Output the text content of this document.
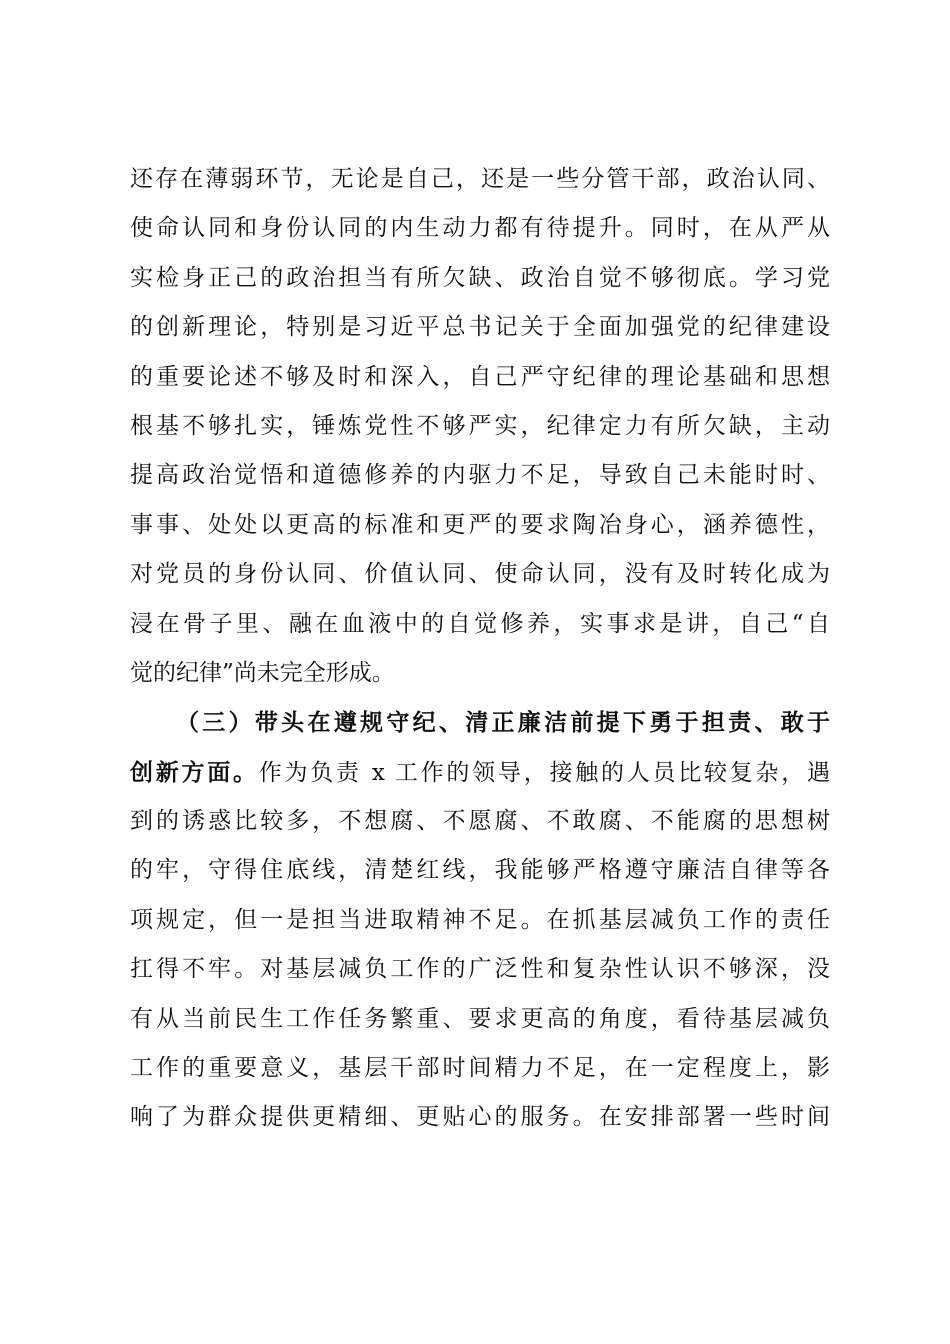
还存在薄弱环节，无论是自己，还是一些分管干部，政治认同、
使命认同和身份认同的内生动力都有待提升。同时，在从严从
实检身正己的政治担当有所欠缺、政治自觉不够彻底。学习党
的创新理论，特别是习近平总书记关于全面加强党的纪律建设
的重要论述不够及时和深入，自己严守纪律的理论基础和思想
根基不够扎实，锤炼党性不够严实，纪律定力有所欠缺，主动
提高政治觉悟和道德修养的内驱力不足，导致自己未能时时、
事事、处处以更高的标准和更严的要求陶冶身心，涵养德性，
对党员的身份认同、价值认同、使命认同，没有及时转化成为
浸在骨子里、融在血液中的自觉修养，实事求是讲，自己“自
觉的纪律”尚未完全形成。
（三）带头在遵规守纪、清正廉洁前提下勇于担责、敢于
创新方面。作为负责 x 工作的领导，接触的人员比较复杂，遇
到的诱惑比较多，不想腐、不愿腐、不敢腐、不能腐的思想树
的牢，守得住底线，清楚红线，我能够严格遵守廉洁自律等各
项规定，但一是担当进取精神不足。在抓基层减负工作的责任
扛得不牢。对基层减负工作的广泛性和复杂性认识不够深，没
有从当前民生工作任务繁重、要求更高的角度，看待基层减负
工作的重要意义，基层干部时间精力不足，在一定程度上，影
响了为群众提供更精细、更贴心的服务。在安排部署一些时间
